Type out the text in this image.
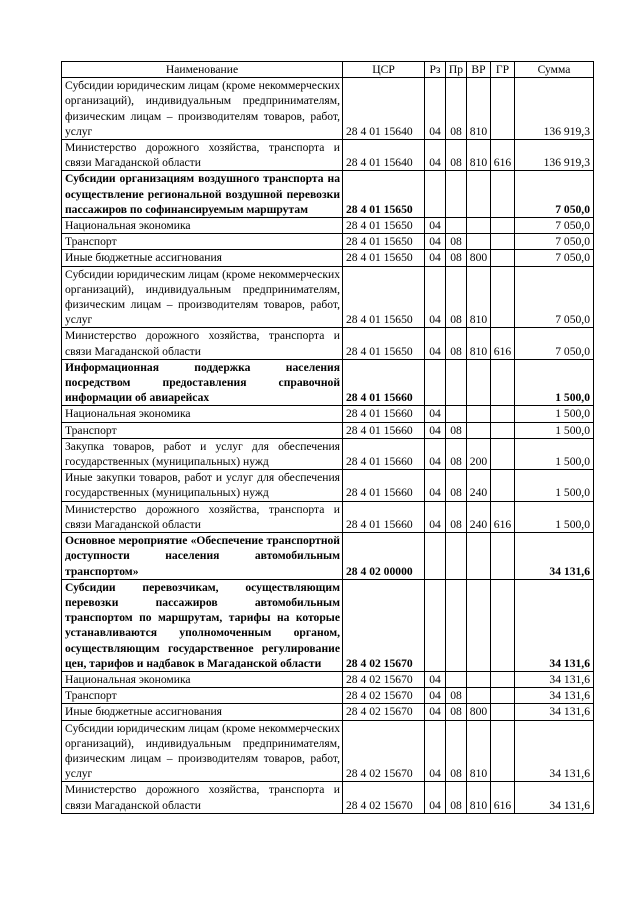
Наименование	ЦСР	Рз	Пр	ВР	ГР	Сумма
Субсидии юридическим лицам (кроме некоммерческих организаций), индивидуальным предпринимателям, физическим лицам – производителям товаров, работ, услуг	28 4 01 15640	04	08	810		136 919,3
Министерство дорожного хозяйства, транспорта и связи Магаданской области	28 4 01 15640	04	08	810	616	136 919,3
Субсидии организациям воздушного транспорта на осуществление региональной воздушной перевозки пассажиров по софинансируемым маршрутам	28 4 01 15650					7 050,0
Национальная экономика	28 4 01 15650	04				7 050,0
Транспорт	28 4 01 15650	04	08			7 050,0
Иные бюджетные ассигнования	28 4 01 15650	04	08	800		7 050,0
Субсидии юридическим лицам (кроме некоммерческих организаций), индивидуальным предпринимателям, физическим лицам – производителям товаров, работ, услуг	28 4 01 15650	04	08	810		7 050,0
Министерство дорожного хозяйства, транспорта и связи Магаданской области	28 4 01 15650	04	08	810	616	7 050,0
Информационная поддержка населения посредством предоставления справочной информации об авиарейсах	28 4 01 15660					1 500,0
Национальная экономика	28 4 01 15660	04				1 500,0
Транспорт	28 4 01 15660	04	08			1 500,0
Закупка товаров, работ и услуг для обеспечения государственных (муниципальных) нужд	28 4 01 15660	04	08	200		1 500,0
Иные закупки товаров, работ и услуг для обеспечения государственных (муниципальных) нужд	28 4 01 15660	04	08	240		1 500,0
Министерство дорожного хозяйства, транспорта и связи Магаданской области	28 4 01 15660	04	08	240	616	1 500,0
Основное мероприятие «Обеспечение транспортной доступности населения автомобильным транспортом»	28 4 02 00000					34 131,6
Субсидии перевозчикам, осуществляющим перевозки пассажиров автомобильным транспортом по маршрутам, тарифы на которые устанавливаются уполномоченным органом, осуществляющим государственное регулирование цен, тарифов и надбавок в Магаданской области	28 4 02 15670					34 131,6
Национальная экономика	28 4 02 15670	04				34 131,6
Транспорт	28 4 02 15670	04	08			34 131,6
Иные бюджетные ассигнования	28 4 02 15670	04	08	800		34 131,6
Субсидии юридическим лицам (кроме некоммерческих организаций), индивидуальным предпринимателям, физическим лицам – производителям товаров, работ, услуг	28 4 02 15670	04	08	810		34 131,6
Министерство дорожного хозяйства, транспорта и связи Магаданской области	28 4 02 15670	04	08	810	616	34 131,6
